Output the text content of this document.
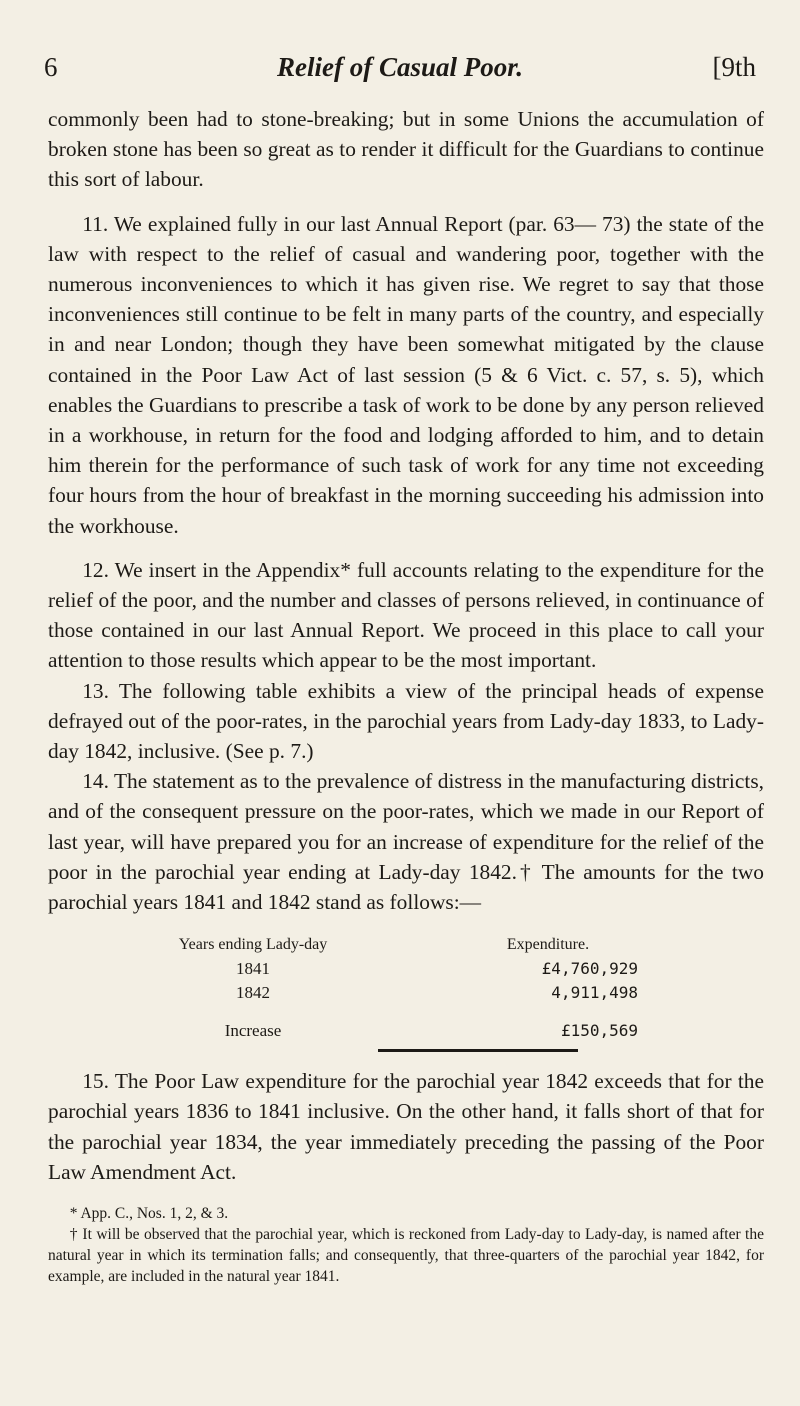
6	Relief of Casual Poor.	[9th

commonly been had to stone-breaking; but in some Unions the accumulation of broken stone has been so great as to render it difficult for the Guardians to continue this sort of labour.

11. We explained fully in our last Annual Report (par. 63— 73) the state of the law with respect to the relief of casual and wandering poor, together with the numerous inconveniences to which it has given rise. We regret to say that those inconveniences still continue to be felt in many parts of the country, and especially in and near London; though they have been somewhat mitigated by the clause contained in the Poor Law Act of last session (5 & 6 Vict. c. 57, s. 5), which enables the Guardians to prescribe a task of work to be done by any person relieved in a workhouse, in return for the food and lodging afforded to him, and to detain him therein for the performance of such task of work for any time not exceeding four hours from the hour of breakfast in the morning succeeding his admission into the workhouse.

12. We insert in the Appendix* full accounts relating to the expenditure for the relief of the poor, and the number and classes of persons relieved, in continuance of those contained in our last Annual Report. We proceed in this place to call your attention to those results which appear to be the most important.

13. The following table exhibits a view of the principal heads of expense defrayed out of the poor-rates, in the parochial years from Lady-day 1833, to Lady-day 1842, inclusive. (See p. 7.)

14. The statement as to the prevalence of distress in the manufacturing districts, and of the consequent pressure on the poor-rates, which we made in our Report of last year, will have prepared you for an increase of expenditure for the relief of the poor in the parochial year ending at Lady-day 1842.† The amounts for the two parochial years 1841 and 1842 stand as follows:—

Years ending Lady-day	Expenditure.
1841	£4,760,929
1842	4,911,498
Increase	£150,569

15. The Poor Law expenditure for the parochial year 1842 exceeds that for the parochial years 1836 to 1841 inclusive. On the other hand, it falls short of that for the parochial year 1834, the year immediately preceding the passing of the Poor Law Amendment Act.

* App. C., Nos. 1, 2, & 3.

† It will be observed that the parochial year, which is reckoned from Lady-day to Lady-day, is named after the natural year in which its termination falls; and consequently, that three-quarters of the parochial year 1842, for example, are included in the natural year 1841.
